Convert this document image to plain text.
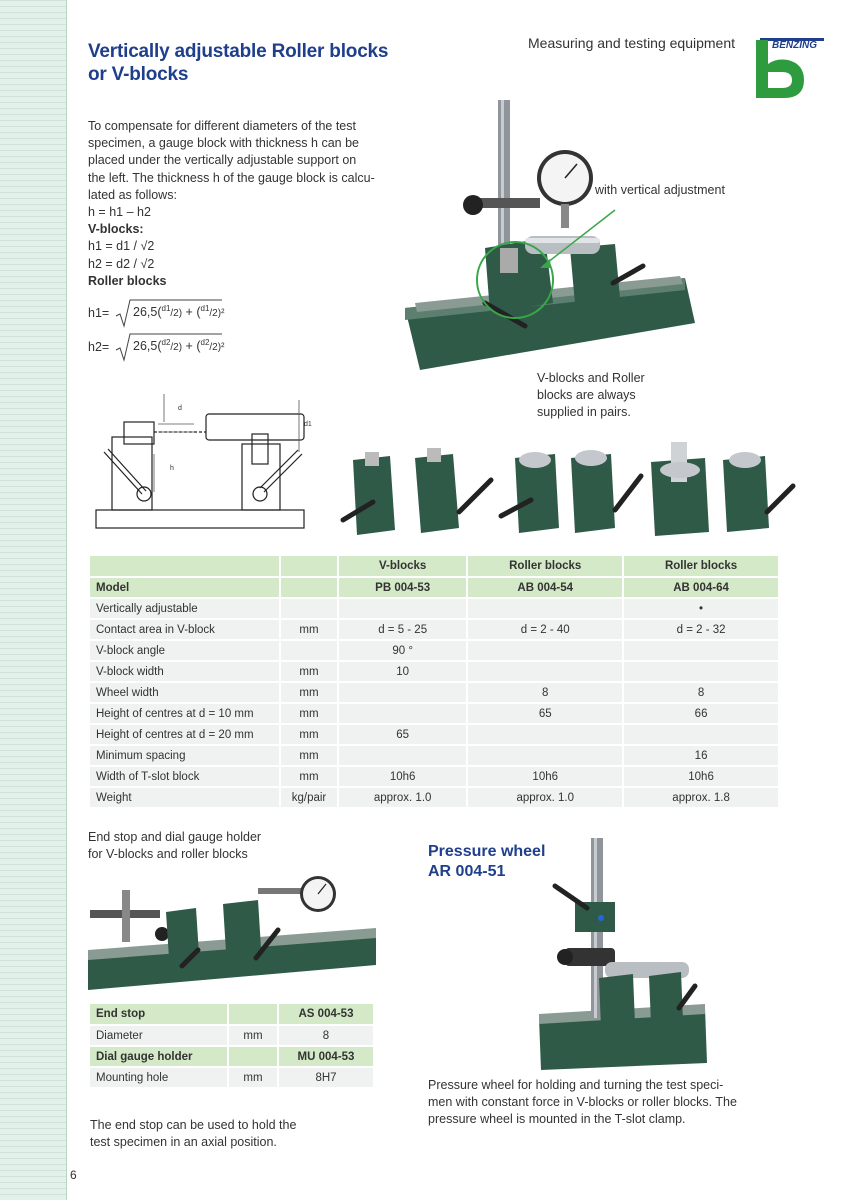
Measuring and testing equipment	BENZING
Vertically adjustable Roller blocks
or V-blocks
To compensate for different diameters of the test
specimen, a gauge block with thickness h can be
placed under the vertically adjustable support on
the left. The thickness h of the gauge block is calcu-
lated as follows:
h = h1 – h2
V-blocks:
h1 = d1 / √2
h2 = d2 / √2
Roller blocks
h1= 26,5($^{d1}$/2) + ($^{d1}$/2)²
h2= 26,5($^{d2}$/2) + ($^{d2}$/2)²
with vertical adjustment
V-blocks and Roller
blocks are always
supplied in pairs.
d
d1
h
		V-blocks	Roller blocks	Roller blocks
Model		PB 004-53	AB 004-54	AB 004-64
Vertically adjustable				•
Contact area in V-block	mm	d = 5 - 25	d = 2 - 40	d = 2 - 32
V-block angle		90 °		
V-block width	mm	10		
Wheel width	mm		8	8
Height of centres at d = 10 mm	mm		65	66
Height of centres at d = 20 mm	mm	65		
Minimum spacing	mm			16
Width of T-slot block	mm	10h6	10h6	10h6
Weight	kg/pair	approx. 1.0	approx. 1.0	approx. 1.8
End stop and dial gauge holder
for V-blocks and roller blocks
End stop		AS 004-53
Diameter	mm	8
Dial gauge holder		MU 004-53
Mounting hole	mm	8H7
The end stop can be used to hold the
test specimen in an axial position.
Pressure wheel
AR 004-51
Pressure wheel for holding and turning the test speci-
men with constant force in V-blocks or roller blocks. The
pressure wheel is mounted in the T-slot clamp.
6
